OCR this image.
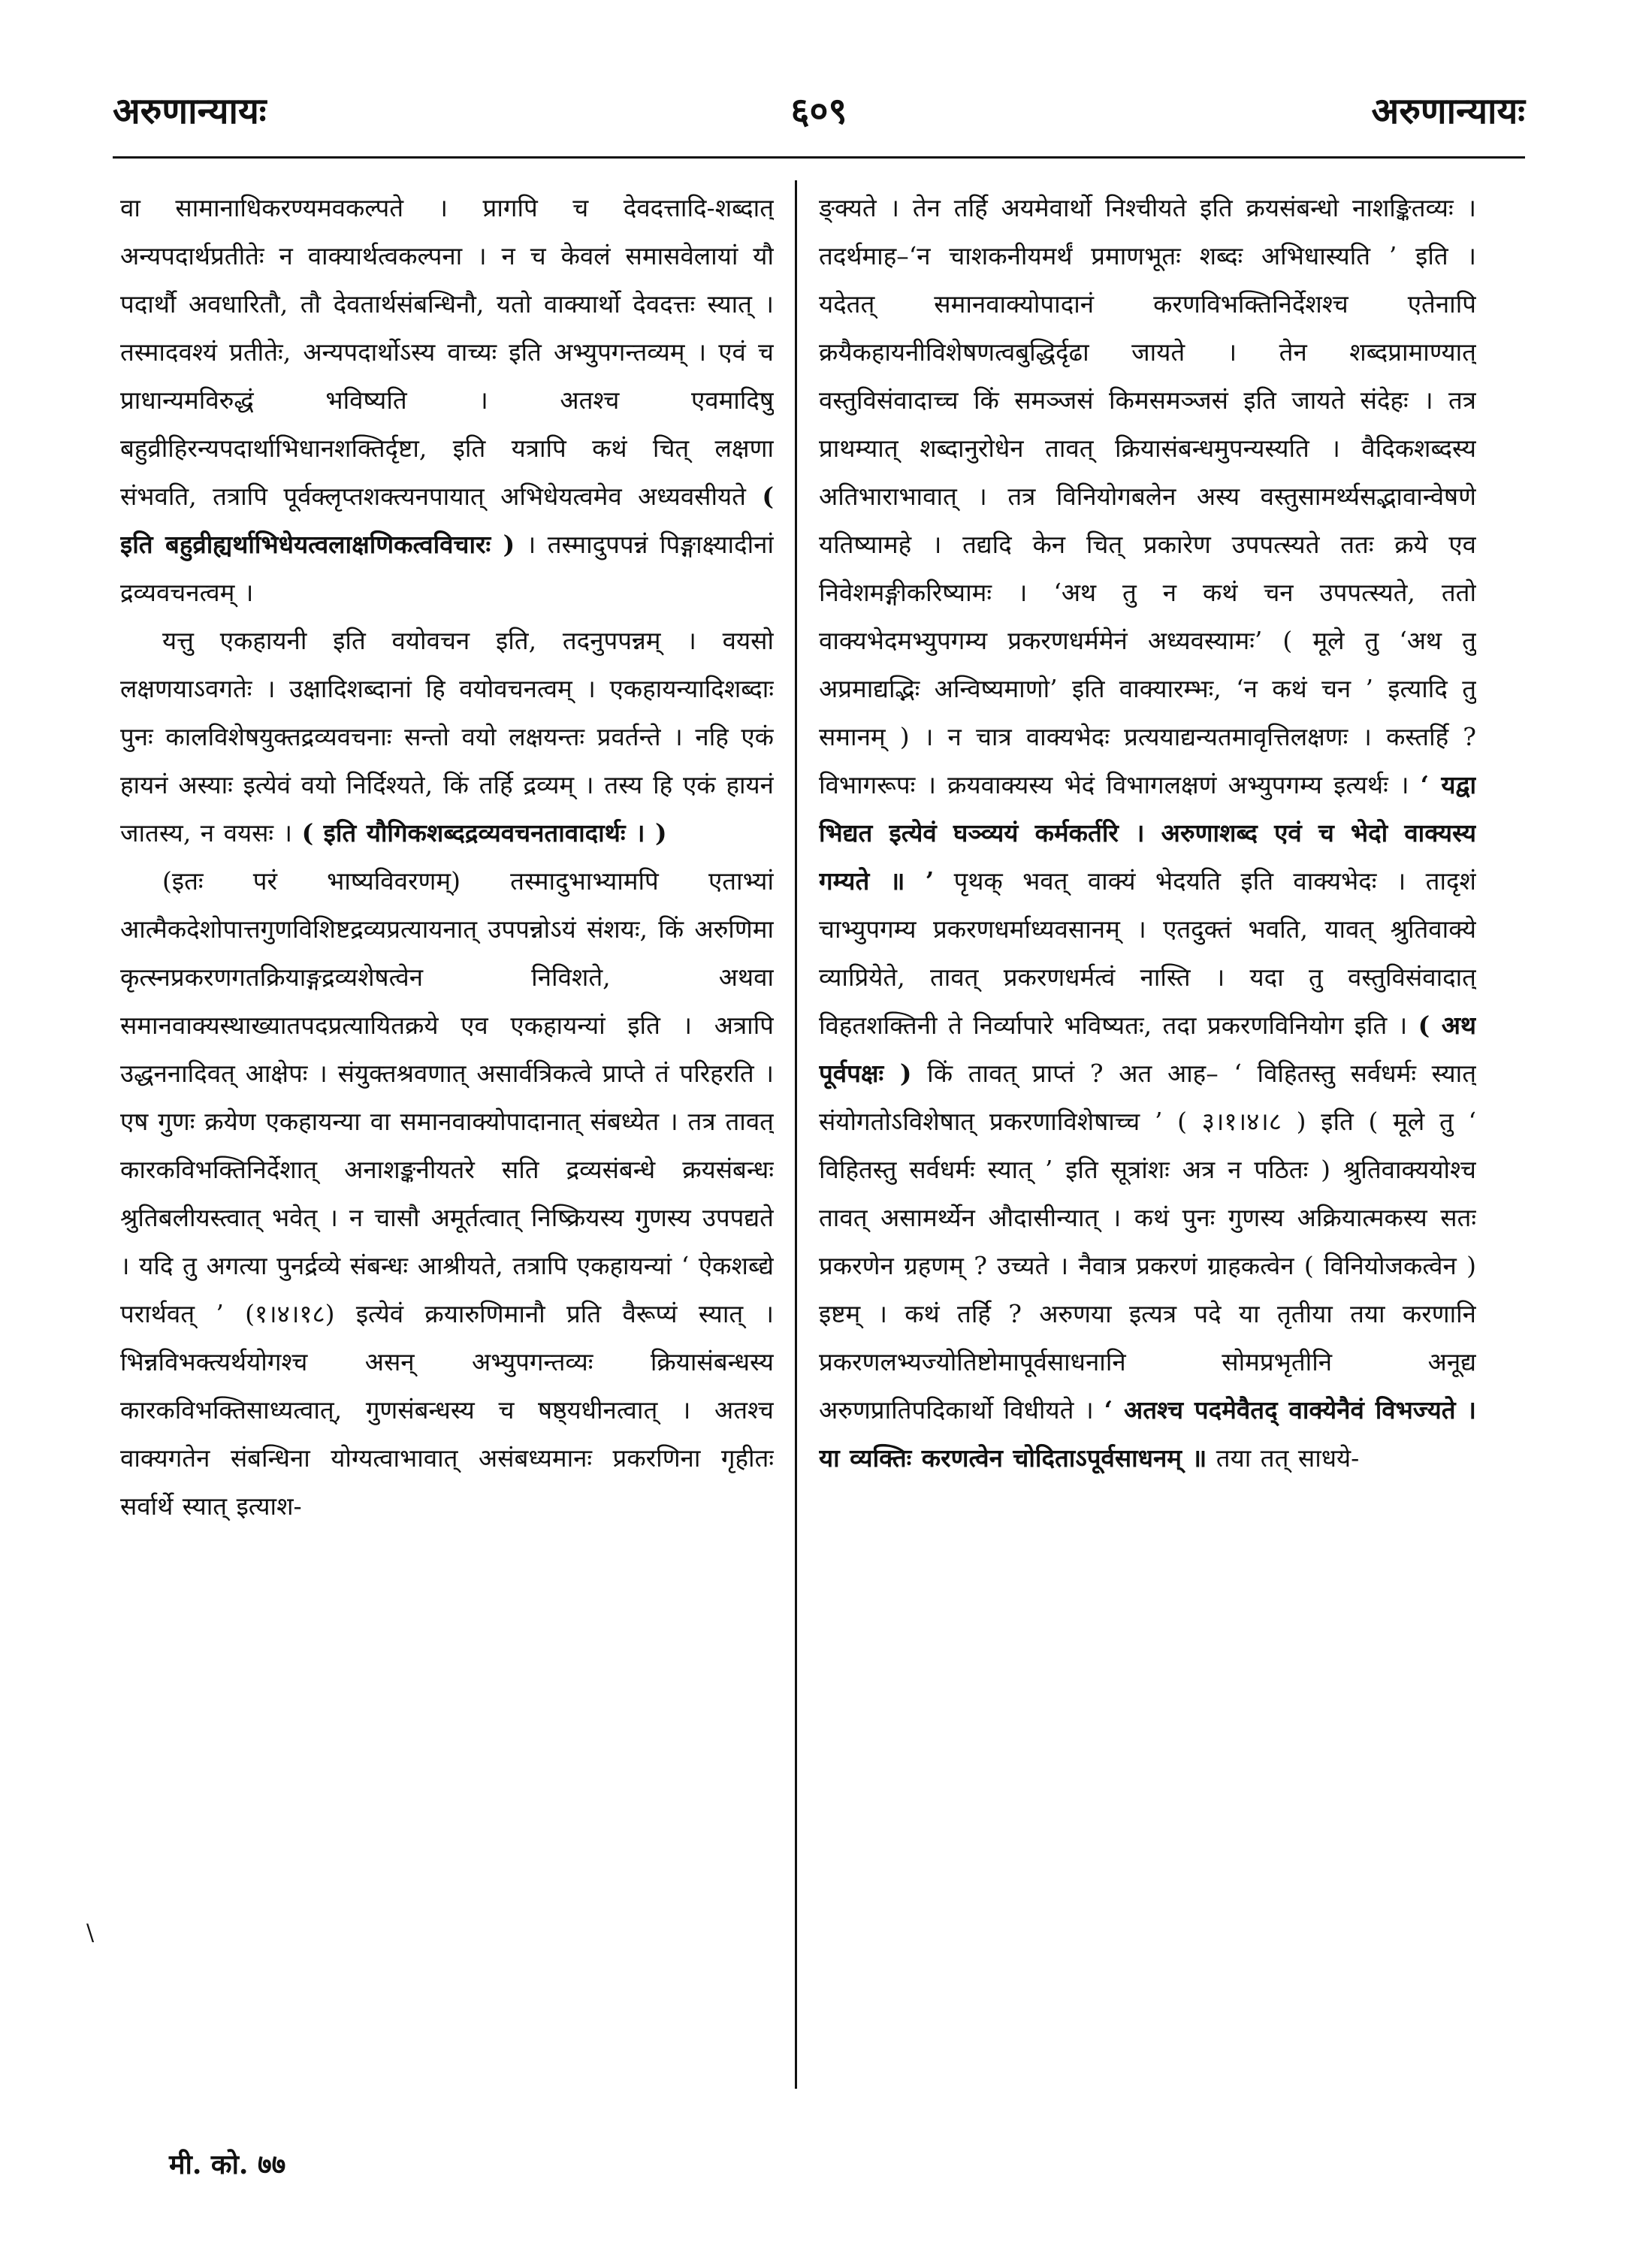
अरुणान्यायः	६०९	अरुणान्यायः

वा सामानाधिकरण्यमवकल्पते । प्रागपि च देवदत्तादि-शब्दात् अन्यपदार्थप्रतीतेः न वाक्यार्थत्वकल्पना । न च केवलं समासवेलायां यौ पदार्थौ अवधारितौ, तौ देवतार्थसंबन्धिनौ, यतो वाक्यार्थो देवदत्तः स्यात् । तस्मादवश्यं प्रतीतेः, अन्यपदार्थोऽस्य वाच्यः इति अभ्युपगन्तव्यम् । एवं च प्राधान्यमविरुद्धं भविष्यति । अतश्च एवमादिषु बहुव्रीहिरन्यपदार्थाभिधानशक्तिर्दृष्टा, इति यत्रापि कथं चित् लक्षणा संभवति, तत्रापि पूर्वक्लृप्तशक्त्यनपायात् अभिधेयत्वमेव अध्यवसीयते ( इति बहुव्रीह्यर्थाभिधेयत्वलाक्षणिकत्वविचारः ) । तस्मादुपपन्नं पिङ्गाक्ष्यादीनां द्रव्यवचनत्वम् ।

यत्तु एकहायनी इति वयोवचन इति, तदनुपपन्नम् । वयसो लक्षणयाऽवगतेः । उक्षादिशब्दानां हि वयोवचनत्वम् । एकहायन्यादिशब्दाः पुनः कालविशेषयुक्तद्रव्यवचनाः सन्तो वयो लक्षयन्तः प्रवर्तन्ते । नहि एकं हायनं अस्याः इत्येवं वयो निर्दिश्यते, किं तर्हि द्रव्यम् । तस्य हि एकं हायनं जातस्य, न वयसः । ( इति यौगिकशब्दद्रव्यवचनतावादार्थः । )

(इतः परं भाष्यविवरणम्) तस्मादुभाभ्यामपि एताभ्यां आत्मैकदेशोपात्तगुणविशिष्टद्रव्यप्रत्यायनात् उपपन्नोऽयं संशयः, किं अरुणिमा कृत्स्नप्रकरणगतक्रियाङ्गद्रव्यशेषत्वेन निविशते, अथवा समानवाक्यस्थाख्यातपदप्रत्यायितक्रये एव एकहायन्यां इति । अत्रापि उद्धननादिवत् आक्षेपः । संयुक्तश्रवणात् असार्वत्रिकत्वे प्राप्ते तं परिहरति । एष गुणः क्रयेण एकहायन्या वा समानवाक्योपादानात् संबध्येत । तत्र तावत् कारकविभक्तिनिर्देशात् अनाशङ्कनीयतरे सति द्रव्यसंबन्धे क्रयसंबन्धः श्रुतिबलीयस्त्वात् भवेत् । न चासौ अमूर्तत्वात् निष्क्रियस्य गुणस्य उपपद्यते । यदि तु अगत्या पुनर्द्रव्ये संबन्धः आश्रीयते, तत्रापि एकहायन्यां ‘ ऐकशब्द्ये परार्थवत् ’ (१।४।१८) इत्येवं क्रयारुणिमानौ प्रति वैरूप्यं स्यात् । भिन्नविभक्त्यर्थयोगश्च असन् अभ्युपगन्तव्यः क्रियासंबन्धस्य कारकविभक्तिसाध्यत्वात्, गुणसंबन्धस्य च षष्ठ्यधीनत्वात् । अतश्च वाक्यगतेन संबन्धिना योग्यत्वाभावात् असंबध्यमानः प्रकरणिना गृहीतः सर्वार्थे स्यात् इत्याश-

ङ्क्यते । तेन तर्हि अयमेवार्थो निश्चीयते इति क्रयसंबन्धो नाशङ्कितव्यः । तदर्थमाह–‘न चाशकनीयमर्थं प्रमाणभूतः शब्दः अभिधास्यति ’ इति । यदेतत् समानवाक्योपादानं करणविभक्तिनिर्देशश्च एतेनापि क्रयैकहायनीविशेषणत्वबुद्धिर्दृढा जायते । तेन शब्दप्रामाण्यात् वस्तुविसंवादाच्च किं समञ्जसं किमसमञ्जसं इति जायते संदेहः । तत्र प्राथम्यात् शब्दानुरोधेन तावत् क्रियासंबन्धमुपन्यस्यति । वैदिकशब्दस्य अतिभाराभावात् । तत्र विनियोगबलेन अस्य वस्तुसामर्थ्यसद्भावान्वेषणे यतिष्यामहे । तद्यदि केन चित् प्रकारेण उपपत्स्यते ततः क्रये एव निवेशमङ्गीकरिष्यामः । ‘अथ तु न कथं चन उपपत्स्यते, ततो वाक्यभेदमभ्युपगम्य प्रकरणधर्ममेनं अध्यवस्यामः’ ( मूले तु ‘अथ तु अप्रमाद्यद्भिः अन्विष्यमाणो’ इति वाक्यारम्भः, ‘न कथं चन ’ इत्यादि तु समानम् ) । न चात्र वाक्यभेदः प्रत्ययाद्यन्यतमावृत्तिलक्षणः । कस्तर्हि ? विभागरूपः । क्रयवाक्यस्य भेदं विभागलक्षणं अभ्युपगम्य इत्यर्थः । ‘ यद्वा भिद्यत इत्येवं घञ्व्ययं कर्मकर्तरि । अरुणाशब्द एवं च भेदो वाक्यस्य गम्यते ॥ ’ पृथक् भवत् वाक्यं भेदयति इति वाक्यभेदः । तादृशं चाभ्युपगम्य प्रकरणधर्माध्यवसानम् । एतदुक्तं भवति, यावत् श्रुतिवाक्ये व्याप्रियेते, तावत् प्रकरणधर्मत्वं नास्ति । यदा तु वस्तुविसंवादात् विहतशक्तिनी ते निर्व्यापारे भविष्यतः, तदा प्रकरणविनियोग इति । ( अथ पूर्वपक्षः ) किं तावत् प्राप्तं ? अत आह– ‘ विहितस्तु सर्वधर्मः स्यात् संयोगतोऽविशेषात् प्रकरणाविशेषाच्च ’ ( ३।१।४।८ ) इति ( मूले तु ‘ विहितस्तु सर्वधर्मः स्यात् ’ इति सूत्रांशः अत्र न पठितः ) श्रुतिवाक्ययोश्च तावत् असामर्थ्येन औदासीन्यात् । कथं पुनः गुणस्य अक्रियात्मकस्य सतः प्रकरणेन ग्रहणम् ? उच्यते । नैवात्र प्रकरणं ग्राहकत्वेन ( विनियोजकत्वेन ) इष्टम् । कथं तर्हि ? अरुणया इत्यत्र पदे या तृतीया तया करणानि प्रकरणलभ्यज्योतिष्टोमापूर्वसाधनानि सोमप्रभृतीनि अनूद्य अरुणप्रातिपदिकार्थो विधीयते । ‘ अतश्च पदमेवैतद् वाक्येनैवं विभज्यते । या व्यक्तिः करणत्वेन चोदिताऽपूर्वसाधनम् ॥ तया तत् साधये-

\
मी. को. ७७
